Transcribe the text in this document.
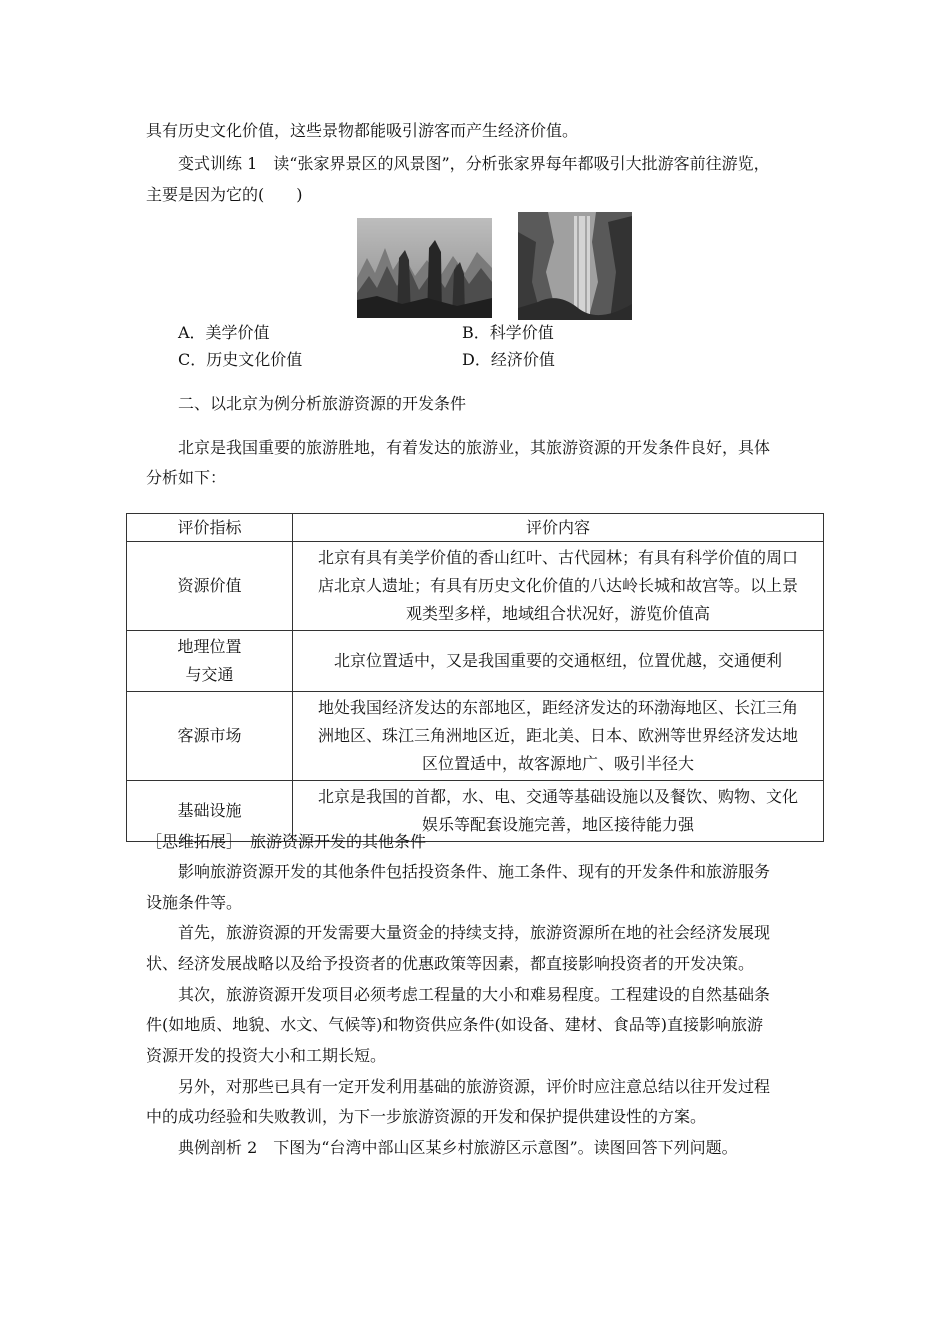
具有历史文化价值，这些景物都能吸引游客而产生经济价值。
变式训练 1　读“张家界景区的风景图”，分析张家界每年都吸引大批游客前往游览，
主要是因为它的(　　)
A．美学价值	B．科学价值
C．历史文化价值	D．经济价值
二、以北京为例分析旅游资源的开发条件
北京是我国重要的旅游胜地，有着发达的旅游业，其旅游资源的开发条件良好，具体
分析如下：
评价指标	评价内容
资源价值	北京有具有美学价值的香山红叶、古代园林；有具有科学价值的周口
店北京人遗址；有具有历史文化价值的八达岭长城和故宫等。以上景
观类型多样，地域组合状况好，游览价值高

地理位置
与交通	北京位置适中，又是我国重要的交通枢纽，位置优越，交通便利

客源市场	地处我国经济发达的东部地区，距经济发达的环渤海地区、长江三角
洲地区、珠江三角洲地区近，距北美、日本、欧洲等世界经济发达地
区位置适中，故客源地广、吸引半径大

基础设施	北京是我国的首都，水、电、交通等基础设施以及餐饮、购物、文化
娱乐等配套设施完善，地区接待能力强
［思维拓展］　旅游资源开发的其他条件
影响旅游资源开发的其他条件包括投资条件、施工条件、现有的开发条件和旅游服务
设施条件等。
首先，旅游资源的开发需要大量资金的持续支持，旅游资源所在地的社会经济发展现
状、经济发展战略以及给予投资者的优惠政策等因素，都直接影响投资者的开发决策。
其次，旅游资源开发项目必须考虑工程量的大小和难易程度。工程建设的自然基础条
件(如地质、地貌、水文、气候等)和物资供应条件(如设备、建材、食品等)直接影响旅游
资源开发的投资大小和工期长短。
另外，对那些已具有一定开发利用基础的旅游资源，评价时应注意总结以往开发过程
中的成功经验和失败教训，为下一步旅游资源的开发和保护提供建设性的方案。
典例剖析 2　下图为“台湾中部山区某乡村旅游区示意图”。读图回答下列问题。
